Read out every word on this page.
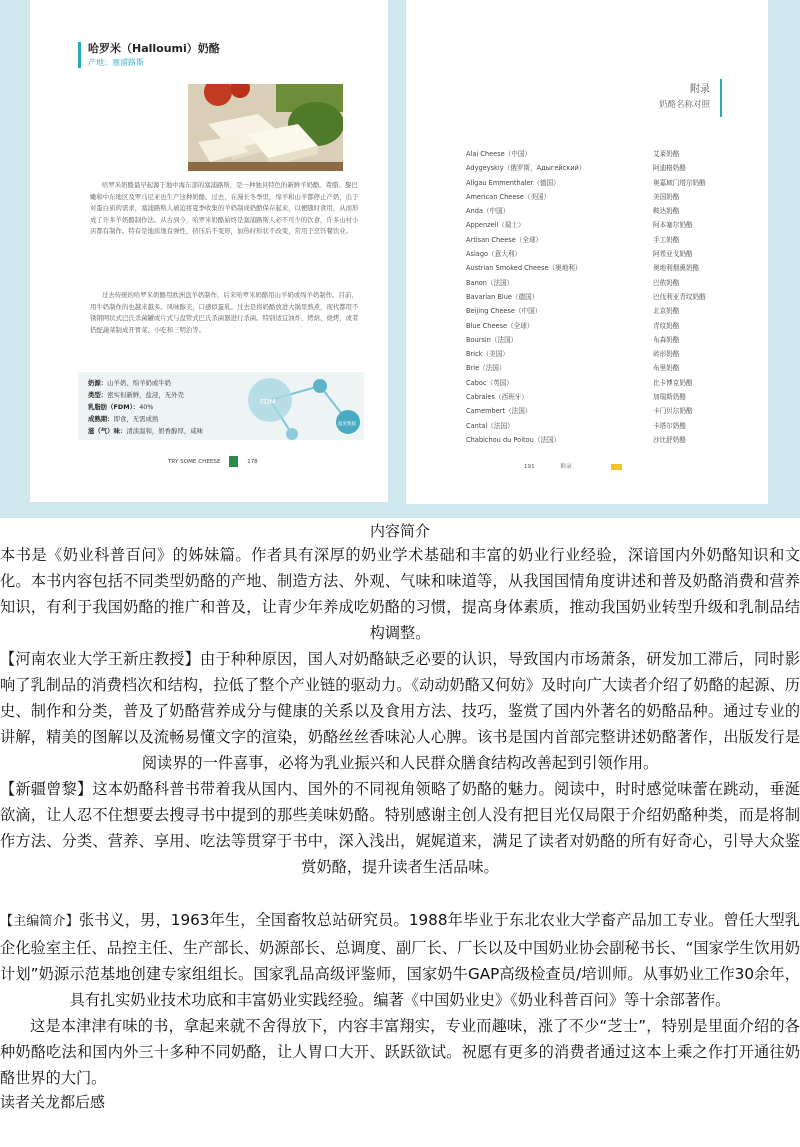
哈罗米（Halloumi）奶酪
产地：塞浦路斯

哈罗米奶酪最早起源于地中海东部的塞浦路斯，是一种独具特色的新鲜羊奶酪。希腊、黎巴嫩和中东地区及罗马尼亚也生产这种奶酪。过去，在漫长冬季里，绵羊和山羊都停止产奶，出于对蛋白质的需求，塞浦路斯人被迫将夏季收集的羊奶制成奶酪保存起来，以便随时食用，从而形成了许多羊奶酪制作法。从古到今，哈罗米奶酪始终是塞浦路斯人必不可少的饮食，许多山村小店都有制作。特有是地质地有弹性，挤压后不变形，加热时形状不改变，常用于烹饪餐饮业。

过去传统的哈罗米奶酪用欧洲盘羊奶制作，后来哈罗米奶酪用山羊奶或绵羊奶制作。目前，用牛奶制作的也越来越多。风味醇美，口感似蛋乳。过去是将奶酪放进大锅里熬煮，现代都用不锈钢网状式巴氏杀菌罐或片式与盘管式巴氏杀菌器进行杀菌。特别适宜油炸、烤焙、烧烤，或者搭配蔬菜制成开胃菜、小吃和三明治等。

奶源：山羊奶、绵羊奶或牛奶
类型：密实但新鲜，盐浸，无外壳
乳脂肪（FDM）：40%
成熟期：即食，无需成熟
滋（气）味：清淡温和，奶香醇厚，咸味
FDM
温度数据
TRY SOME CHEESE	178
附录
奶酪名称对照
Alai Cheese（中国）	艾莱奶酪
Adygeyskiy（俄罗斯，Адыгейский）	阿迪格奶酪
Allgau Emmenthaler（德国）	奥嘉域门塔尔奶酪
American Cheese（美国）	美国奶酪
Anda（中国）	鞍达奶酪
Appenzell（瑞士）	阿本塞尔奶酪
Artisan Cheese（全球）	手工奶酪
Asiago（意大利）	阿希亚戈奶酪
Austrian Smoked Cheese（奥地利）	奥地利烟熏奶酪
Banon（法国）	巴侬奶酪
Bavarian Blue（德国）	巴伐利亚青纹奶酪
Beijing Cheese（中国）	北京奶酪
Blue Cheese（全球）	青纹奶酪
Boursin（法国）	布森奶酪
Brick（美国）	砖形奶酪
Brie（法国）	布里奶酪
Caboc（英国）	比卡博克奶酪
Cabrales（西班牙）	加瑞斯奶酪
Camembert（法国）	卡门贝尔奶酪
Cantal（法国）	卡塔尔奶酪
Chabichou du Poitou（法国）	沙比舒奶酪
191	附录
内容简介

本书是《奶业科普百问》的姊妹篇。作者具有深厚的奶业学术基础和丰富的奶业行业经验，深谙国内外奶酪知识和文化。本书内容包括不同类型奶酪的产地、制造方法、外观、气味和味道等，从我国国情角度讲述和普及奶酪消费和营养知识，有利于我国奶酪的推广和普及，让青少年养成吃奶酪的习惯，提高身体素质，推动我国奶业转型升级和乳制品结构调整。

【河南农业大学王新庄教授】由于种种原因，国人对奶酪缺乏必要的认识，导致国内市场萧条，研发加工滞后，同时影响了乳制品的消费档次和结构，拉低了整个产业链的驱动力。《动动奶酪又何妨》及时向广大读者介绍了奶酪的起源、历史、制作和分类，普及了奶酪营养成分与健康的关系以及食用方法、技巧，鉴赏了国内外著名的奶酪品种。通过专业的讲解，精美的图解以及流畅易懂文字的渲染，奶酪丝丝香味沁人心脾。该书是国内首部完整讲述奶酪著作，出版发行是阅读界的一件喜事，必将为乳业振兴和人民群众膳食结构改善起到引领作用。

【新疆曾黎】这本奶酪科普书带着我从国内、国外的不同视角领略了奶酪的魅力。阅读中，时时感觉味蕾在跳动，垂涎欲滴，让人忍不住想要去搜寻书中提到的那些美味奶酪。特别感谢主创人没有把目光仅局限于介绍奶酪种类，而是将制作方法、分类、营养、享用、吃法等贯穿于书中，深入浅出，娓娓道来，满足了读者对奶酪的所有好奇心，引导大众鉴赏奶酪，提升读者生活品味。

【主编简介】张书义，男，1963年生，全国畜牧总站研究员。1988年毕业于东北农业大学畜产品加工专业。曾任大型乳企化验室主任、品控主任、生产部长、奶源部长、总调度、副厂长、厂长以及中国奶业协会副秘书长、“国家学生饮用奶计划”奶源示范基地创建专家组组长。国家乳品高级评鉴师，国家奶牛GAP高级检查员/培训师。从事奶业工作30余年，具有扎实奶业技术功底和丰富奶业实践经验。编著《中国奶业史》《奶业科普百问》等十余部著作。

这是本津津有味的书，拿起来就不舍得放下，内容丰富翔实，专业而趣味，涨了不少“芝士”，特别是里面介绍的各种奶酪吃法和国内外三十多种不同奶酪，让人胃口大开、跃跃欲试。祝愿有更多的消费者通过这本上乘之作打开通往奶酪世界的大门。

读者关龙都后感
